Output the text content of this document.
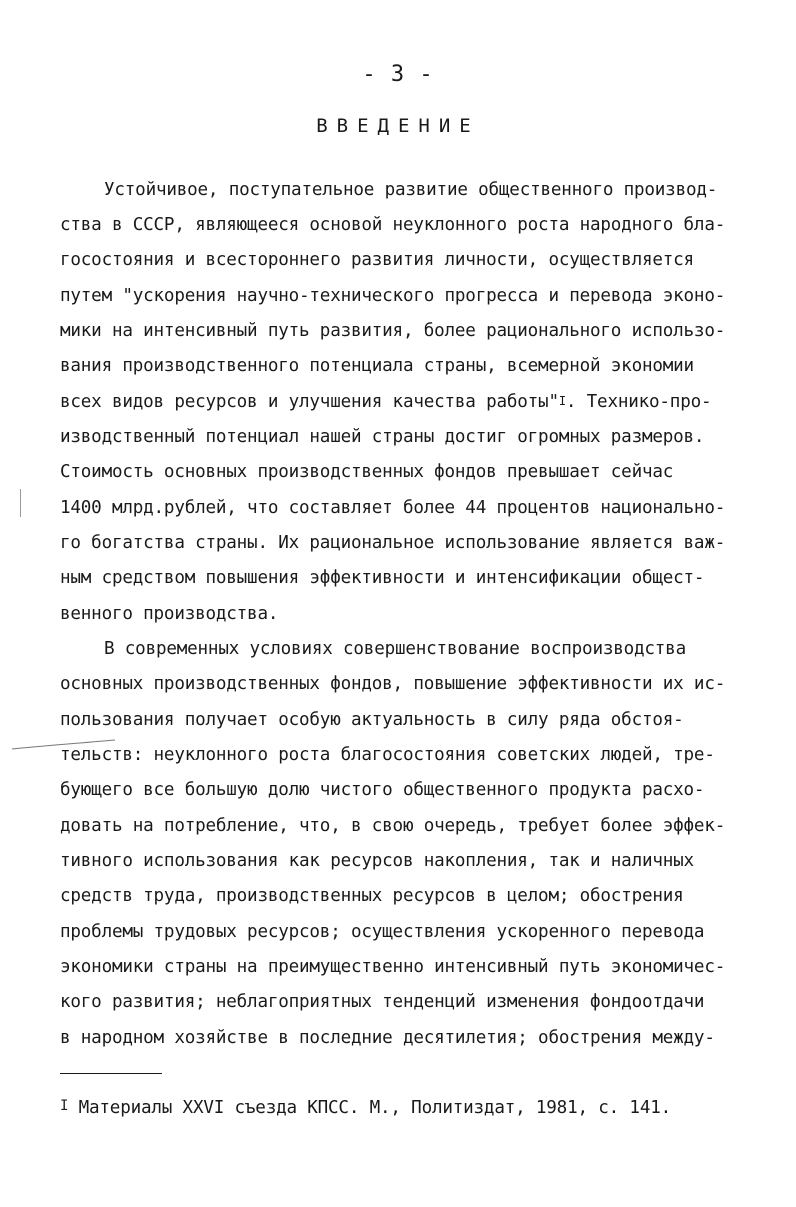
- 3 -
ВВЕДЕНИЕ
Устойчивое, поступательное развитие общественного производ-
ства в СССР, являющееся основой неуклонного роста народного бла-
госостояния и всестороннего развития личности, осуществляется
путем "ускорения научно-технического прогресса и перевода эконо-
мики на интенсивный путь развития, более рационального использо-
вания производственного потенциала страны, всемерной экономии
всех видов ресурсов и улучшения качества работы"$^I$. Технико-про-
изводственный потенциал нашей страны достиг огромных размеров.
Стоимость основных производственных фондов превышает сейчас
1400 млрд.рублей, что составляет более 44 процентов национально-
го богатства страны. Их рациональное использование является важ-
ным средством повышения эффективности и интенсификации общест-
венного производства.
В современных условиях совершенствование воспроизводства
основных производственных фондов, повышение эффективности их ис-
пользования получает особую актуальность в силу ряда обстоя-
тельств: неуклонного роста благосостояния советских людей, тре-
бующего все большую долю чистого общественного продукта расхо-
довать на потребление, что, в свою очередь, требует более эффек-
тивного использования как ресурсов накопления, так и наличных
средств труда, производственных ресурсов в целом; обострения
проблемы трудовых ресурсов; осуществления ускоренного перевода
экономики страны на преимущественно интенсивный путь экономичес-
кого развития; неблагоприятных тенденций изменения фондоотдачи
в народном хозяйстве в последние десятилетия; обострения между-
$^I$ Материалы XXVI съезда КПСС. М., Политиздат, 1981, с. 141.
